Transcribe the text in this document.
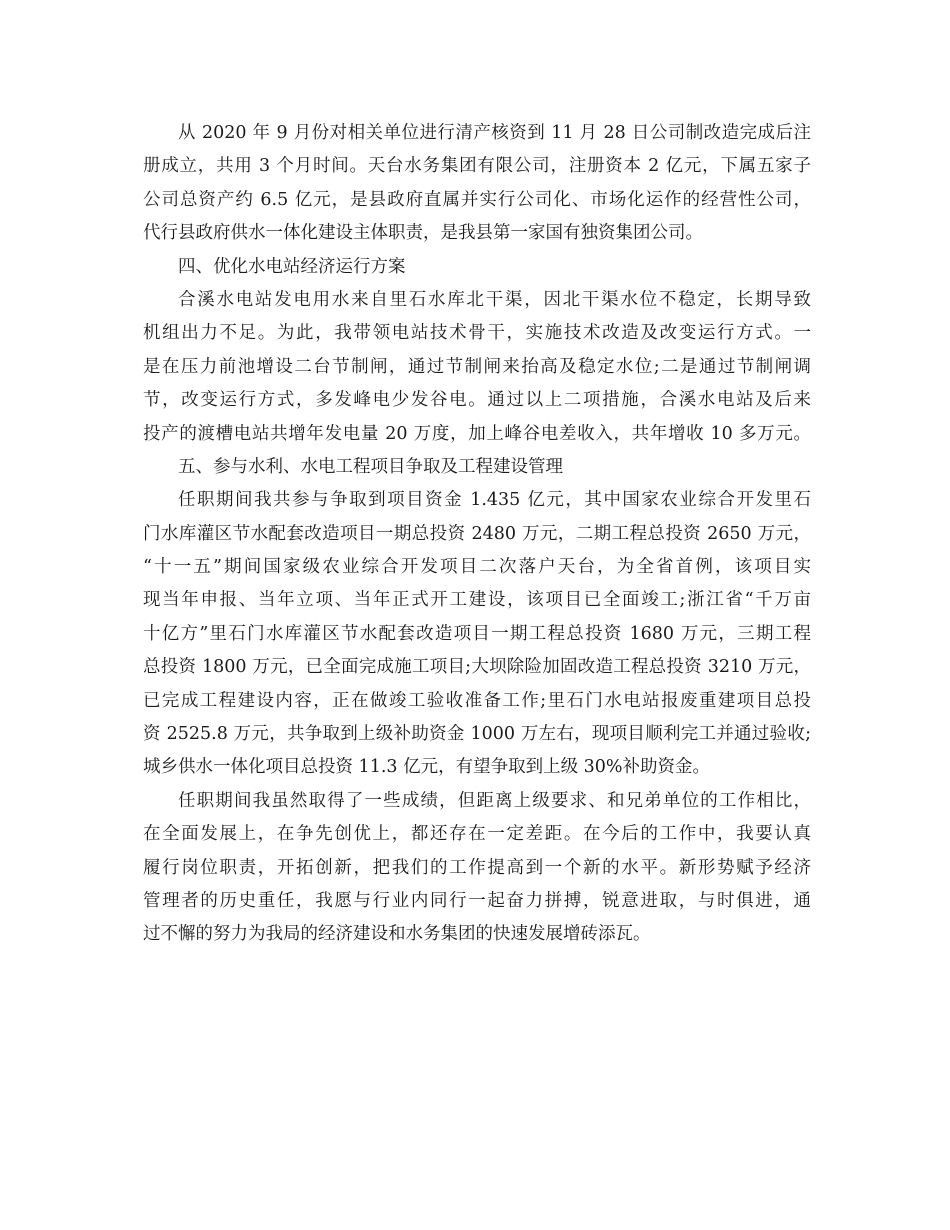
从 2020 年 9 月份对相关单位进行清产核资到 11 月 28 日公司制改造完成后注
册成立，共用 3 个月时间。天台水务集团有限公司，注册资本 2 亿元，下属五家子
公司总资产约 6.5 亿元，是县政府直属并实行公司化、市场化运作的经营性公司，
代行县政府供水一体化建设主体职责，是我县第一家国有独资集团公司。
四、优化水电站经济运行方案
合溪水电站发电用水来自里石水库北干渠，因北干渠水位不稳定，长期导致
机组出力不足。为此，我带领电站技术骨干，实施技术改造及改变运行方式。一
是在压力前池增设二台节制闸，通过节制闸来抬高及稳定水位;二是通过节制闸调
节，改变运行方式，多发峰电少发谷电。通过以上二项措施，合溪水电站及后来
投产的渡槽电站共增年发电量 20 万度，加上峰谷电差收入，共年增收 10 多万元。
五、参与水利、水电工程项目争取及工程建设管理
任职期间我共参与争取到项目资金 1.435 亿元，其中国家农业综合开发里石
门水库灌区节水配套改造项目一期总投资 2480 万元，二期工程总投资 2650 万元，
“十一五”期间国家级农业综合开发项目二次落户天台，为全省首例，该项目实
现当年申报、当年立项、当年正式开工建设，该项目已全面竣工;浙江省“千万亩
十亿方”里石门水库灌区节水配套改造项目一期工程总投资 1680 万元，三期工程
总投资 1800 万元，已全面完成施工项目;大坝除险加固改造工程总投资 3210 万元，
已完成工程建设内容，正在做竣工验收准备工作;里石门水电站报废重建项目总投
资 2525.8 万元，共争取到上级补助资金 1000 万左右，现项目顺利完工并通过验收;
城乡供水一体化项目总投资 11.3 亿元，有望争取到上级 30%补助资金。
任职期间我虽然取得了一些成绩，但距离上级要求、和兄弟单位的工作相比，
在全面发展上，在争先创优上，都还存在一定差距。在今后的工作中，我要认真
履行岗位职责，开拓创新，把我们的工作提高到一个新的水平。新形势赋予经济
管理者的历史重任，我愿与行业内同行一起奋力拼搏，锐意进取，与时俱进，通
过不懈的努力为我局的经济建设和水务集团的快速发展增砖添瓦。
